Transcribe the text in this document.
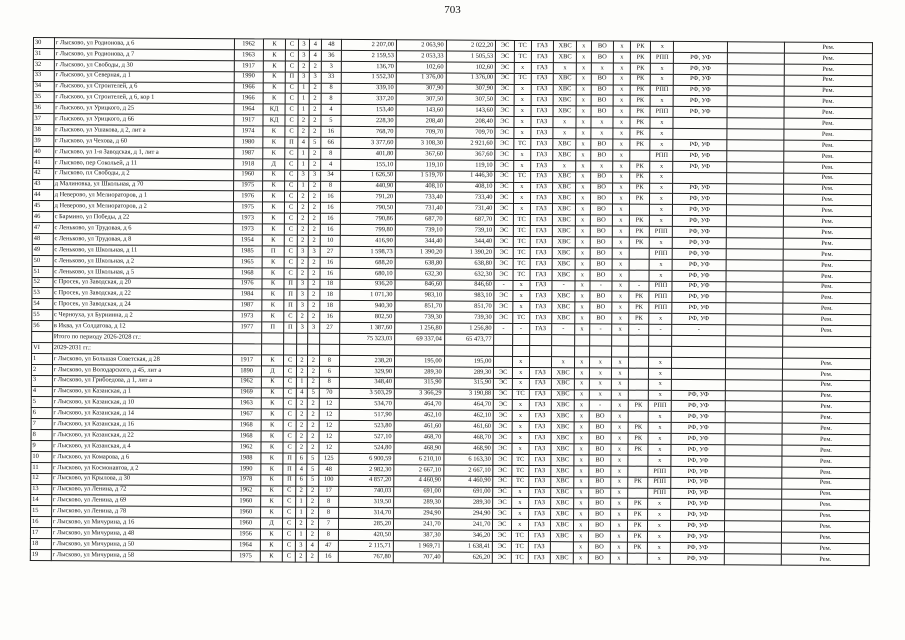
703
30	г Лысково, ул Родионова, д 6	1962	К	С	3	4	48	2 207,00	2 063,90	2 022,20	ЭС	ТС	ГАЗ	ХВС	х	ВО	х	РК	х			Рем.
31	г Лысково, ул Родионова, д 7	1963	К	С	3	4	36	2 159,53	2 053,33	1 505,53	ЭС	ТС	ГАЗ	ХВС	х	ВО	х	РК	РПП	РФ, УФ		Рем.
32	г Лысково, ул Свободы, д 30	1917	К	С	2	2	3	136,70	102,60	102,60	ЭС	х	ГАЗ	х	х	х	х	РК	х	РФ, УФ		Рем.
33	г Лысково, ул Северная, д 1	1990	К	П	3	3	33	1 552,30	1 376,00	1 376,00	ЭС	ТС	ГАЗ	ХВС	х	ВО	х	РК	х	РФ, УФ		Рем.
34	г Лысково, ул Строителей, д 6	1966	К	С	1	2	8	339,10	307,90	307,90	ЭС	х	ГАЗ	ХВС	х	ВО	х	РК	РПП	РФ, УФ		Рем.
35	г Лысково, ул Строителей, д 6, кор 1	1966	К	С	1	2	8	337,20	307,50	307,50	ЭС	х	ГАЗ	ХВС	х	ВО	х	РК	х	РФ, УФ		Рем.
36	г Лысково, ул Урицкого, д 25	1964	КД	С	1	2	4	153,40	143,60	143,60	ЭС	х	ГАЗ	ХВС	х	ВО	х	РК	РПП	РФ, УФ		Рем.
37	г Лысково, ул Урицкого, д 66	1917	КД	С	2	2	5	228,30	208,40	208,40	ЭС	х	ГАЗ	х	х	х	х	РК	х			Рем.
38	г Лысково, ул Ушакова, д 2, лит а	1974	К	С	2	2	16	768,70	709,70	709,70	ЭС	х	ГАЗ	х	х	х	х	РК	х			Рем.
39	г Лысково, ул Чехова, д 60	1980	К	П	4	5	66	3 377,60	3 108,30	2 921,60	ЭС	ТС	ГАЗ	ХВС	х	ВО	х	РК	х	РФ, УФ		Рем.
40	г Лысково, ул 1-я Заводская, д 1, лит а	1987	К	С	1	2	8	401,80	367,60	367,60	ЭС	х	ГАЗ	ХВС	х	ВО	х		РПП	РФ, УФ		Рем.
41	г Лысково, пер Сокольей, д 11	1918	Д	С	1	2	4	155,10	119,10	119,10	ЭС	х	ГАЗ	х	х	х	х	РК	х	РФ, УФ		Рем.
42	г Лысково, пл Свободы, д 2	1960	К	С	3	3	34	1 626,50	1 519,70	1 446,30	ЭС	ТС	ГАЗ	ХВС	х	ВО	х	РК	х			Рем.
43	д Малиновка, ул Школьная, д 70	1975	К	С	1	2	8	440,90	408,10	408,10	ЭС	х	ГАЗ	ХВС	х	ВО	х	РК	х	РФ, УФ		Рем.
44	д Неверово, ул Мелиораторов, д 1	1976	К	С	2	2	16	791,20	733,40	733,40	ЭС	х	ГАЗ	ХВС	х	ВО	х	РК	х	РФ, УФ		Рем.
45	д Неверово, ул Мелиораторов, д 2	1975	К	С	2	2	16	790,50	731,40	731,40	ЭС	х	ГАЗ	ХВС	х	ВО	х		х	РФ, УФ		Рем.
46	с Барминo, ул Победы, д 22	1973	К	С	2	2	16	790,86	687,70	687,70	ЭС	ТС	ГАЗ	ХВС	х	ВО	х	РК	х	РФ, УФ		Рем.
47	с Леньково, ул Трудовая, д 6	1973	К	С	2	2	16	799,80	739,10	739,10	ЭС	ТС	ГАЗ	ХВС	х	ВО	х	РК	РПП	РФ, УФ		Рем.
48	с Леньково, ул Трудовая, д 8	1954	К	С	2	2	10	416,90	344,40	344,40	ЭС	ТС	ГАЗ	ХВС	х	ВО	х	РК	х	РФ, УФ		Рем.
49	с Леньково, ул Школьная, д 11	1985	П	С	3	3	27	1 598,73	1 390,20	1 390,20	ЭС	ТС	ГАЗ	ХВС	х	ВО	х		РПП	РФ, УФ		Рем.
50	с Леньково, ул Школьная, д 2	1965	К	С	2	2	16	688,20	638,80	638,80	ЭС	ТС	ГАЗ	ХВС	х	ВО	х		х	РФ, УФ		Рем.
51	с Леньково, ул Школьная, д 5	1968	К	С	2	2	16	680,10	632,30	632,30	ЭС	ТС	ГАЗ	ХВС	х	ВО	х		х	РФ, УФ		Рем.
52	с Просек, ул Заводская, д 20	1976	К	П	3	2	18	936,20	846,60	846,60	-	х	ГАЗ	-	х	-	х	-	РПП	РФ, УФ		Рем.
53	с Просек, ул Заводская, д 22	1984	К	П	3	2	18	1 071,30	983,10	983,10	ЭС	х	ГАЗ	ХВС	х	ВО	х	РК	РПП	РФ, УФ		Рем.
54	с Просек, ул Заводская, д 24	1987	К	П	3	2	18	940,30	851,70	851,70	ЭС	х	ГАЗ	ХВС	х	ВО	х	РК	РПП	РФ, УФ		Рем.
55	с Черноуха, ул Бурнинна, д 2	1973	К	С	2	2	16	802,50	739,30	739,30	ЭС	ТС	ГАЗ	ХВС	х	ВО	х	РК	х	РФ, УФ		Рем.
56	в Иква, ул Солдатова, д 12	1977	П	П	3	3	27	1 387,60	1 256,80	1 256,80	-	-	ГАЗ	-	х	-	х	-	-	-		Рем.
	Итого по периоду 2026-2028 гг.:							75 323,03	69 337,04	65 473,77												
VI	2029-2031 гг.:																					
1	г Лысково, ул Большая Советская, д 28	1917	К	С	2	2	8	238,20	195,00	195,00		х		х	х	х	х		х			Рем.
2	г Лысково, ул Володарского, д 45, лит а	1890	Д	С	2	2	6	329,90	289,30	289,30	ЭС	х	ГАЗ	ХВС	х	х	х		х			Рем.
3	г Лысково, ул Грибоедова, д 1, лит а	1962	К	С	1	2	8	348,40	315,90	315,90	ЭС	х	ГАЗ	ХВС	х	х	х		х			Рем.
4	г Лысково, ул Казанская, д 1	1969	К	С	4	5	70	3 503,29	3 366,29	3 190,88	ЭС	ТС	ГАЗ	ХВС	х	х	х		х	РФ, УФ		Рем.
5	г Лысково, ул Казанская, д 10	1963	К	С	2	2	12	534,70	464,70	464,70	ЭС	х	ГАЗ	ХВС	х	-	х	РК	РПП	РФ, УФ		Рем.
6	г Лысково, ул Казанская, д 14	1967	К	С	2	2	12	517,90	462,10	462,10	ЭС	х	ГАЗ	ХВС	х	ВО	х		х	РФ, УФ		Рем.
7	г Лысково, ул Казанская, д 16	1968	К	С	2	2	12	523,80	461,60	461,60	ЭС	х	ГАЗ	ХВС	х	ВО	х	РК	х	РФ, УФ		Рем.
8	г Лысково, ул Казанская, д 22	1968	К	С	2	2	12	527,10	468,70	468,70	ЭС	х	ГАЗ	ХВС	х	ВО	х	РК	х	РФ, УФ		Рем.
9	г Лысково, ул Казанская, д 4	1962	К	С	2	2	12	524,80	468,90	468,90	ЭС	х	ГАЗ	ХВС	х	ВО	х	РК	х	РФ, УФ		Рем.
10	г Лысково, ул Комарова, д 6	1988	К	П	6	5	125	6 900,59	6 210,10	6 163,30	ЭС	ТС	ГАЗ	ХВС	х	ВО	х		х	РФ, УФ		Рем.
11	г Лысково, ул Космонавтов, д 2	1990	К	П	4	5	48	2 982,30	2 667,10	2 667,10	ЭС	ТС	ГАЗ	ХВС	х	ВО	х		РПП	РФ, УФ		Рем.
12	г Лысково, ул Крылова, д 30	1978	К	П	6	5	100	4 857,20	4 460,90	4 460,90	ЭС	ТС	ГАЗ	ХВС	х	ВО	х	РК	РПП	РФ, УФ		Рем.
13	г Лысково, ул Ленина, д 72	1962	К	С	2	2	17	740,03	691,00	691,00	ЭС	х	ГАЗ	ХВС	х	ВО	х		РПП	РФ, УФ		Рем.
14	г Лысково, ул Ленина, д 69	1960	К	С	1	2	8	319,50	289,30	289,30	ЭС	х	ГАЗ	ХВС	х	ВО	х	РК	х	РФ, УФ		Рем.
15	г Лысково, ул Ленина, д 78	1960	К	С	1	2	8	314,70	294,90	294,90	ЭС	х	ГАЗ	ХВС	х	ВО	х	РК	х	РФ, УФ		Рем.
16	г Лысково, ул Мичурина, д 16	1960	Д	С	2	2	7	285,20	241,70	241,70	ЭС	х	ГАЗ	ХВС	х	ВО	х	РК	х	РФ, УФ		Рем.
17	г Лысково, ул Мичурина, д 48	1956	К	С	1	2	8	420,50	387,30	346,20	ЭС	ТС	ГАЗ	ХВС	х	ВО	х	РК	х	РФ, УФ		Рем.
18	г Лысково, ул Мичурина, д 50	1964	К	С	3	4	47	2 115,71	1 969,71	1 638,41	ЭС	ТС	ГАЗ		х	ВО	х	РК	х	РФ, УФ		Рем.
19	г Лысково, ул Мичурина, д 58	1975	К	С	2	2	16	767,80	707,40	626,20	ЭС	ТС	ГАЗ	ХВС	х	ВО	х		х	РФ, УФ		Рем.
